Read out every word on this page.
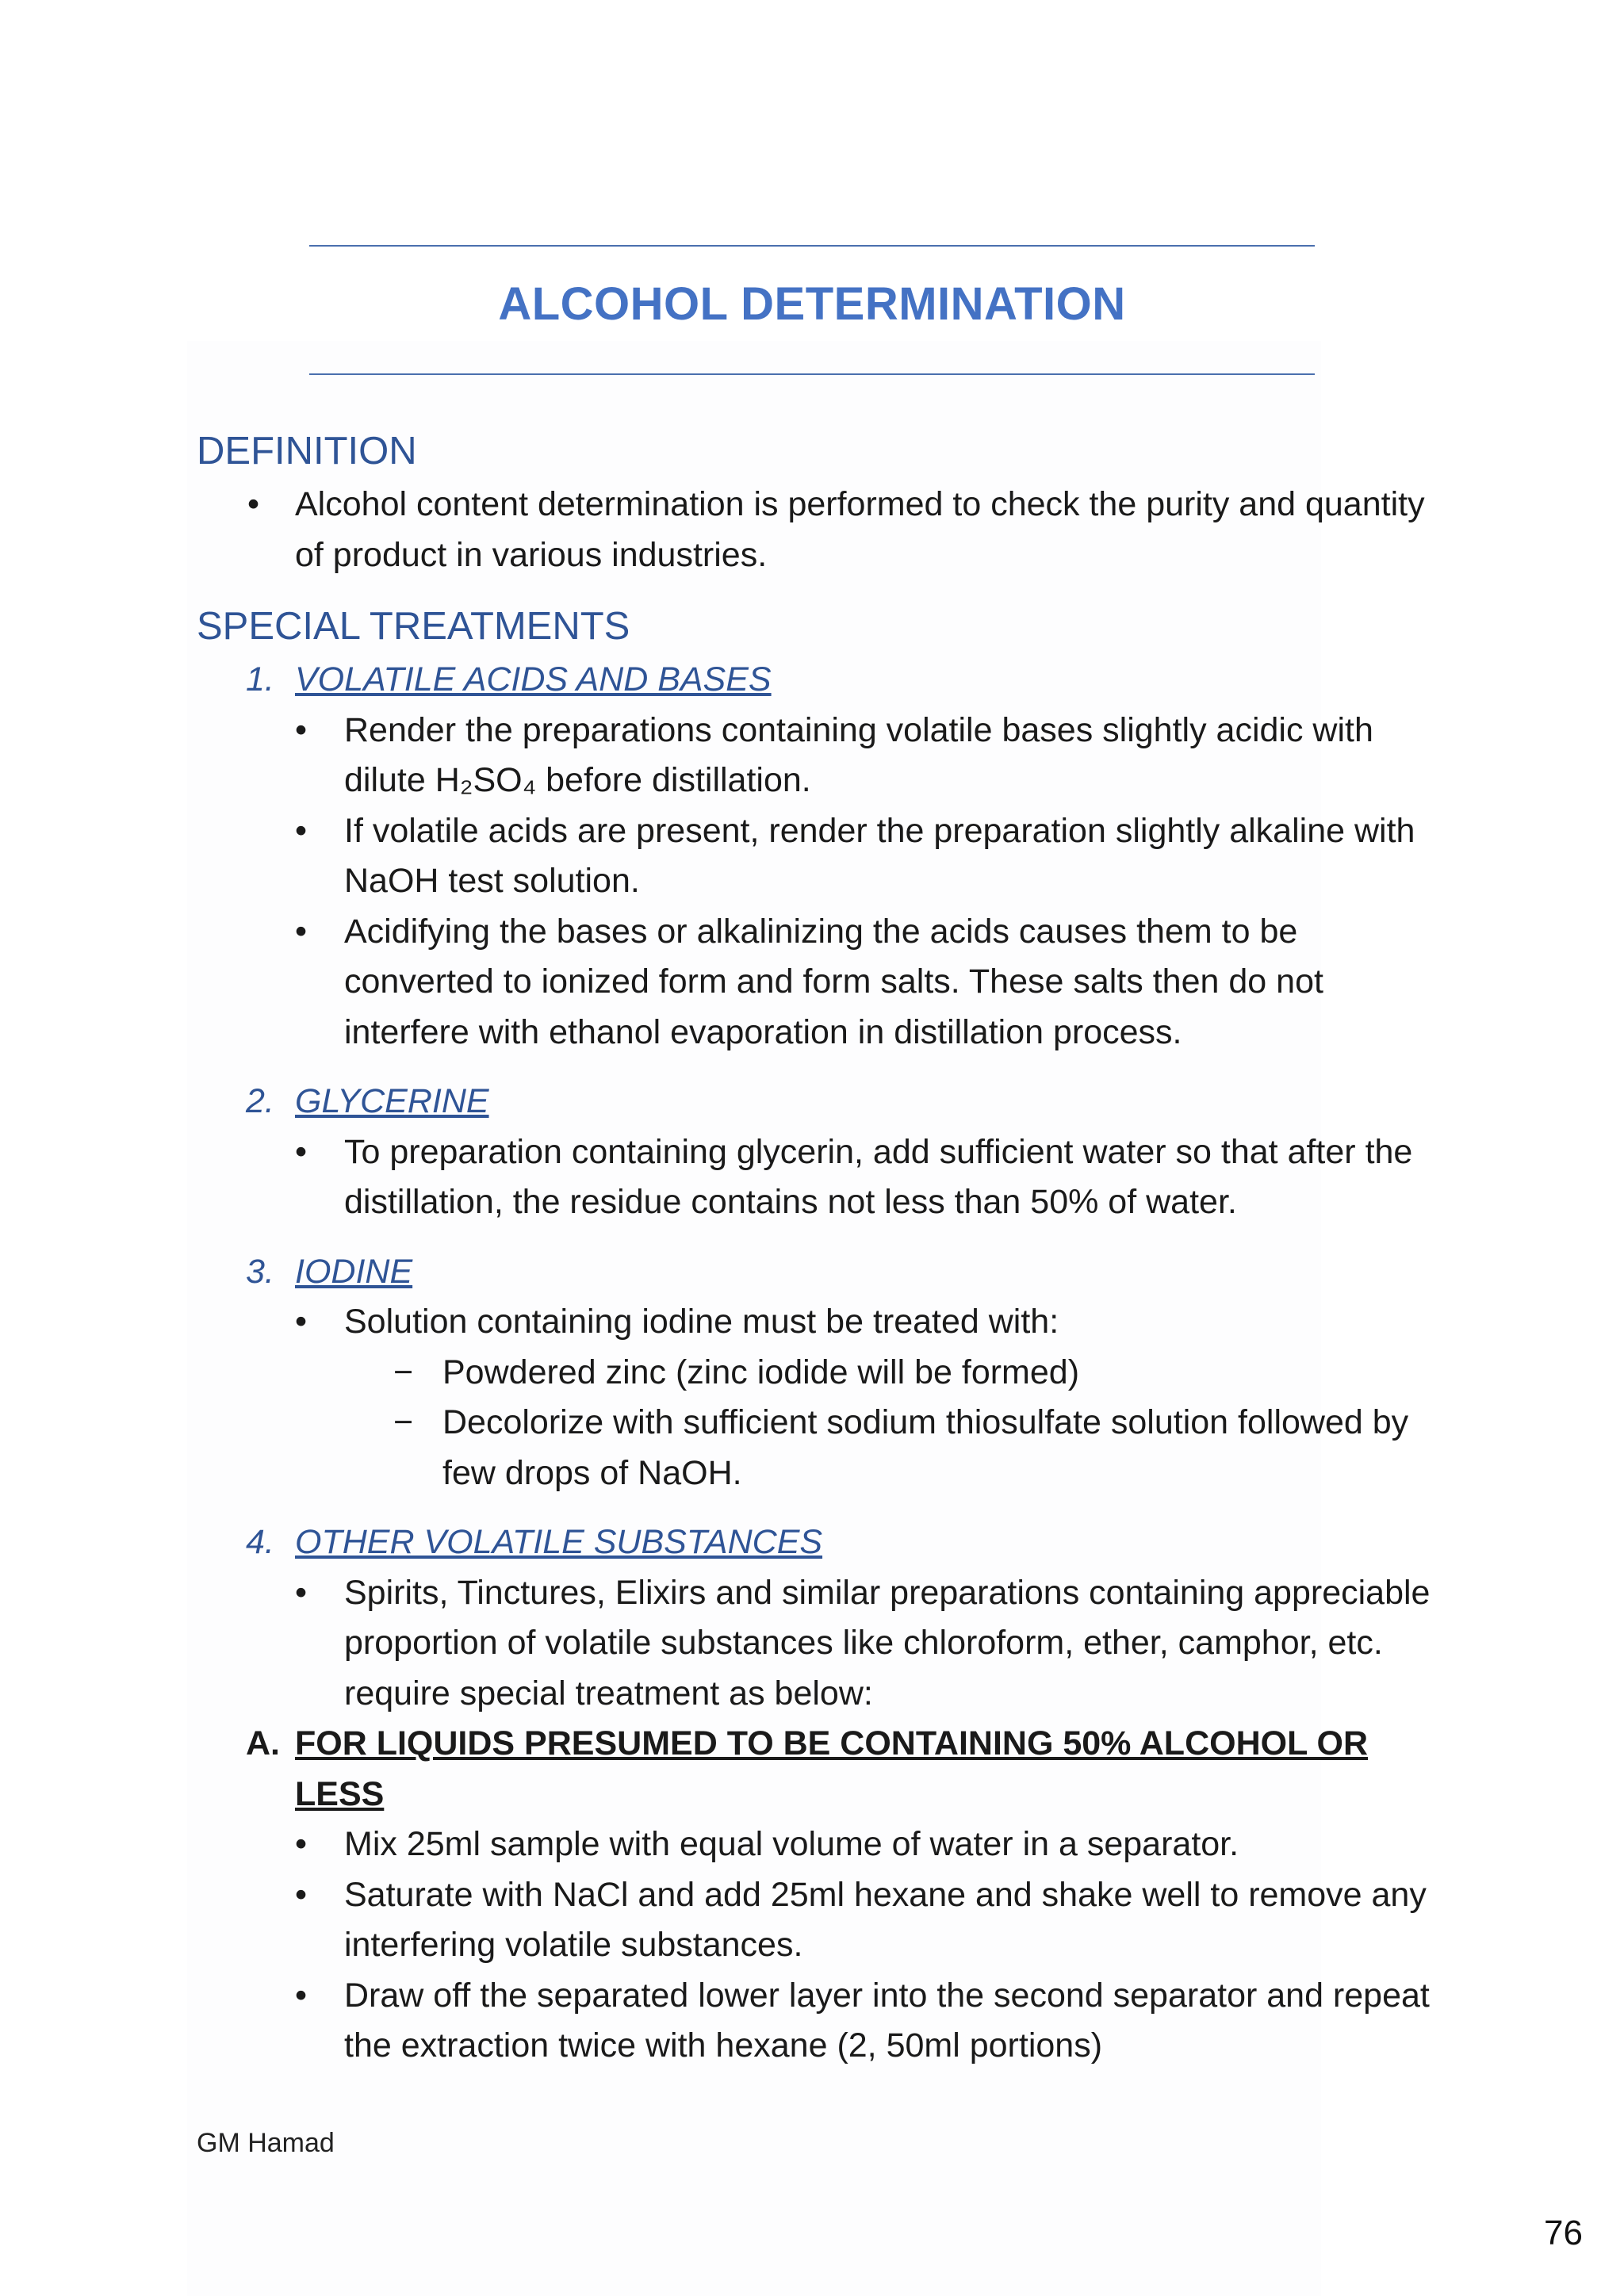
ALCOHOL DETERMINATION
DEFINITION
• Alcohol content determination is performed to check the purity and quantity of product in various industries.
SPECIAL TREATMENTS
1. VOLATILE ACIDS AND BASES
• Render the preparations containing volatile bases slightly acidic with dilute H₂SO₄ before distillation.
• If volatile acids are present, render the preparation slightly alkaline with NaOH test solution.
• Acidifying the bases or alkalinizing the acids causes them to be converted to ionized form and form salts. These salts then do not interfere with ethanol evaporation in distillation process.
2. GLYCERINE
• To preparation containing glycerin, add sufficient water so that after the distillation, the residue contains not less than 50% of water.
3. IODINE
• Solution containing iodine must be treated with:
− Powdered zinc (zinc iodide will be formed)
− Decolorize with sufficient sodium thiosulfate solution followed by few drops of NaOH.
4. OTHER VOLATILE SUBSTANCES
• Spirits, Tinctures, Elixirs and similar preparations containing appreciable proportion of volatile substances like chloroform, ether, camphor, etc. require special treatment as below:
A. FOR LIQUIDS PRESUMED TO BE CONTAINING 50% ALCOHOL OR LESS
• Mix 25ml sample with equal volume of water in a separator.
• Saturate with NaCl and add 25ml hexane and shake well to remove any interfering volatile substances.
• Draw off the separated lower layer into the second separator and repeat the extraction twice with hexane (2, 50ml portions)
GM Hamad
76
